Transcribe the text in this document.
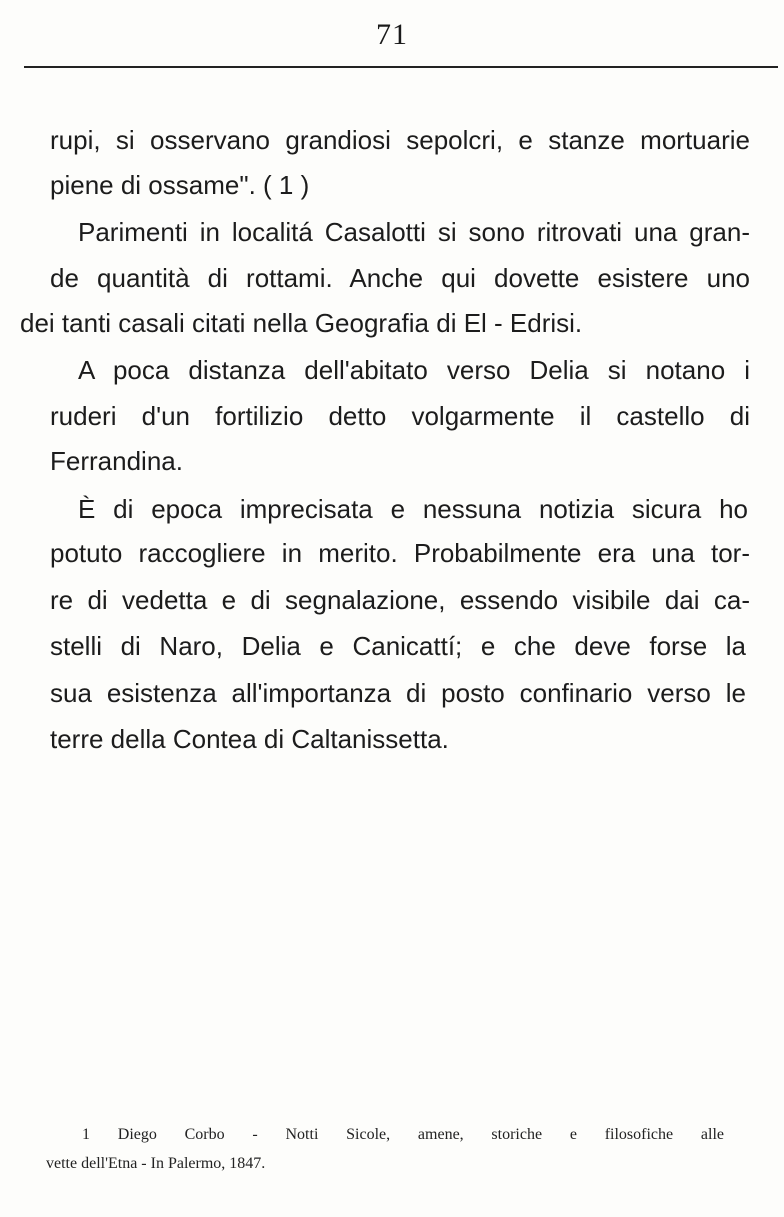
71
rupi, si osservano grandiosi sepolcri, e stanze mortuarie
piene di ossame". ( 1 )
Parimenti in localitá Casalotti si sono ritrovati una gran-
de quantità di rottami. Anche qui dovette esistere uno
dei tanti casali citati nella Geografia di El - Edrisi.
A poca distanza dell'abitato verso Delia si notano i
ruderi d'un fortilizio detto volgarmente il castello di
Ferrandina.
È di epoca imprecisata e nessuna notizia sicura ho
potuto raccogliere in merito. Probabilmente era una tor-
re di vedetta e di segnalazione, essendo visibile dai ca-
stelli di Naro, Delia e Canicattí; e che deve forse la
sua esistenza all'importanza di posto confinario verso le
terre della Contea di Caltanissetta.
1 Diego Corbo - Notti Sicole, amene, storiche e filosofiche alle
vette dell'Etna - In Palermo, 1847.
